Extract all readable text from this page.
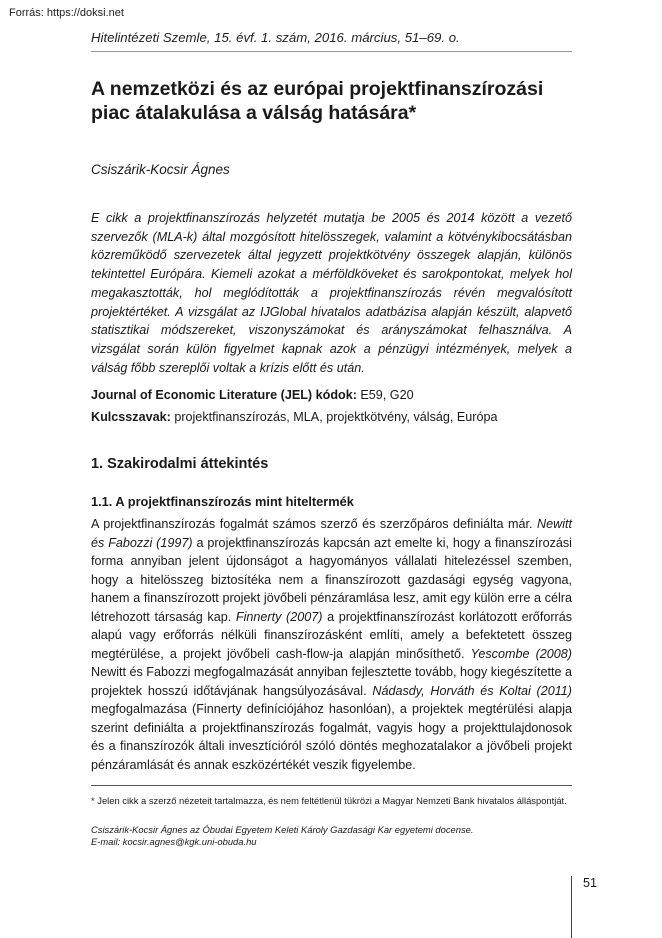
Forrás: https://doksi.net
Hitelintézeti Szemle, 15. évf. 1. szám, 2016. március, 51–69. o.
A nemzetközi és az európai projektfinanszírozási piac átalakulása a válság hatására*
Csiszárik-Kocsir Ágnes
E cikk a projektfinanszírozás helyzetét mutatja be 2005 és 2014 között a vezető szervezők (MLA-k) által mozgósított hitelösszegek, valamint a kötvénykibocsátásban közreműködő szervezetek által jegyzett projektkötvény összegek alapján, különös tekintettel Európára. Kiemeli azokat a mérföldköveket és sarokpontokat, melyek hol megakasztották, hol meglódították a projektfinanszírozás révén megvalósított projektértéket. A vizsgálat az IJGlobal hivatalos adatbázisa alapján készült, alapvető statisztikai módszereket, viszonyszámokat és arányszámokat felhasználva. A vizsgálat során külön figyelmet kapnak azok a pénzügyi intézmények, melyek a válság főbb szereplői voltak a krízis előtt és után.
Journal of Economic Literature (JEL) kódok: E59, G20
Kulcsszavak: projektfinanszírozás, MLA, projektkötvény, válság, Európa
1. Szakirodalmi áttekintés
1.1. A projektfinanszírozás mint hiteltermék
A projektfinanszírozás fogalmát számos szerző és szerzőpáros definiálta már. Newitt és Fabozzi (1997) a projektfinanszírozás kapcsán azt emelte ki, hogy a finanszírozási forma annyiban jelent újdonságot a hagyományos vállalati hitelezéssel szemben, hogy a hitelösszeg biztosítéka nem a finanszírozott gazdasági egység vagyona, hanem a finanszírozott projekt jövőbeli pénzáramlása lesz, amit egy külön erre a célra létrehozott társaság kap. Finnerty (2007) a projektfinanszírozást korlátozott erőforrás alapú vagy erőforrás nélküli finanszírozásként említi, amely a befektetett összeg megtérülése, a projekt jövőbeli cash-flow-ja alapján minősíthető. Yescombe (2008) Newitt és Fabozzi megfogalmazását annyiban fejlesztette tovább, hogy kiegészítette a projektek hosszú időtávjának hangsúlyozásával. Nádasdy, Horváth és Koltai (2011) megfogalmazása (Finnerty definíciójához hasonlóan), a projektek megtérülési alapja szerint definiálta a projektfinanszírozás fogalmát, vagyis hogy a projekttulajdonosok és a finanszírozók általi invesztícióról szóló döntés meghozatalakor a jövőbeli projekt pénzáramlását és annak eszközértékét veszik figyelembe.
* Jelen cikk a szerző nézeteit tartalmazza, és nem feltétlenül tükrözi a Magyar Nemzeti Bank hivatalos álláspontját.
Csiszárik-Kocsir Ágnes az Óbudai Egyetem Keleti Károly Gazdasági Kar egyetemi docense.
E-mail: kocsir.agnes@kgk.uni-obuda.hu
51
